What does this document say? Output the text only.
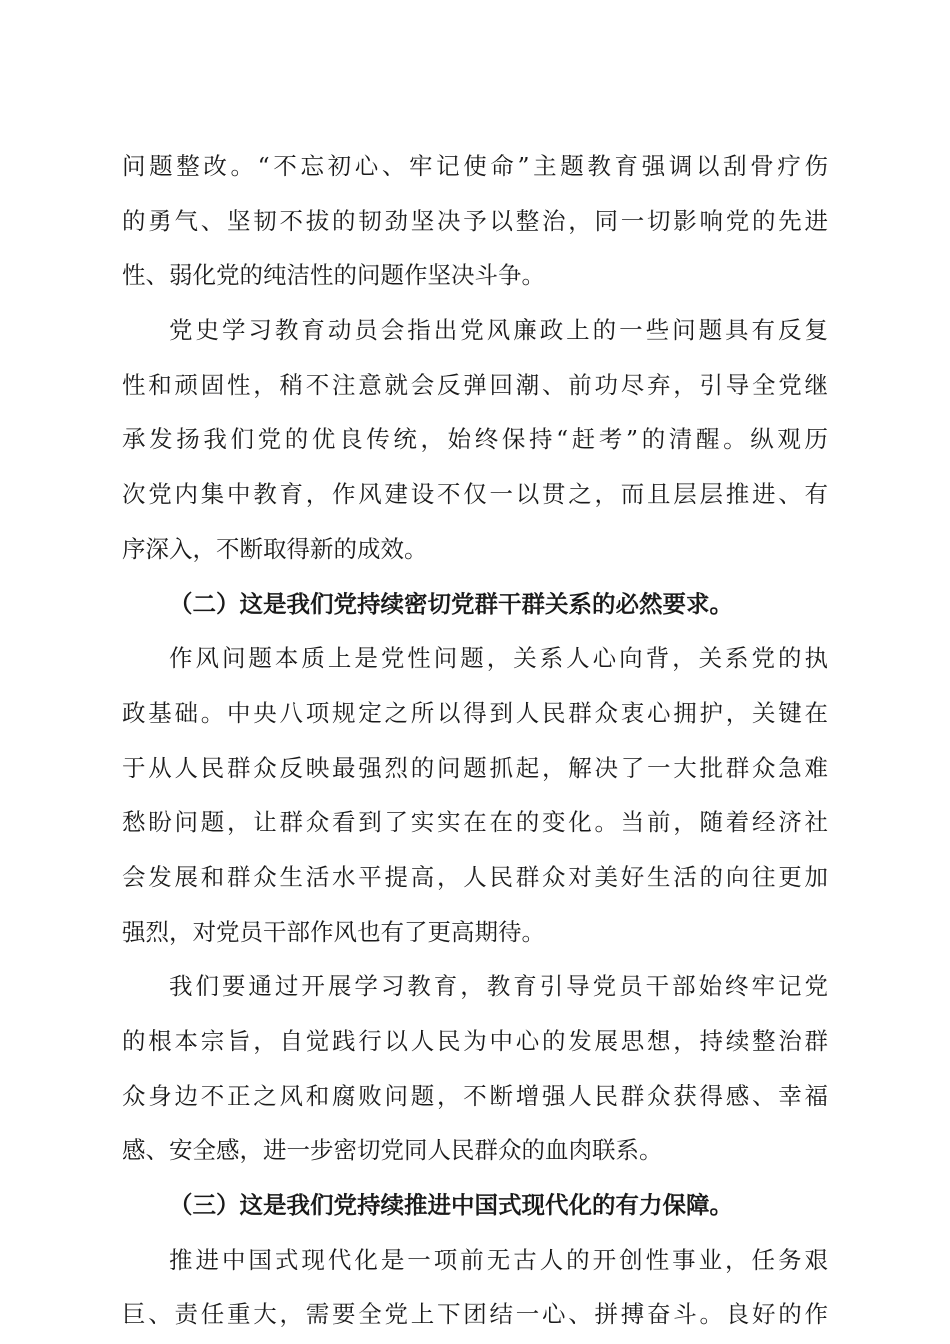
问题整改。“不忘初心、牢记使命”主题教育强调以刮骨疗伤
的勇气、坚韧不拔的韧劲坚决予以整治，同一切影响党的先进
性、弱化党的纯洁性的问题作坚决斗争。
党史学习教育动员会指出党风廉政上的一些问题具有反复
性和顽固性，稍不注意就会反弹回潮、前功尽弃，引导全党继
承发扬我们党的优良传统，始终保持“赶考”的清醒。纵观历
次党内集中教育，作风建设不仅一以贯之，而且层层推进、有
序深入，不断取得新的成效。
（二）这是我们党持续密切党群干群关系的必然要求。
作风问题本质上是党性问题，关系人心向背，关系党的执
政基础。中央八项规定之所以得到人民群众衷心拥护，关键在
于从人民群众反映最强烈的问题抓起，解决了一大批群众急难
愁盼问题，让群众看到了实实在在的变化。当前，随着经济社
会发展和群众生活水平提高，人民群众对美好生活的向往更加
强烈，对党员干部作风也有了更高期待。
我们要通过开展学习教育，教育引导党员干部始终牢记党
的根本宗旨，自觉践行以人民为中心的发展思想，持续整治群
众身边不正之风和腐败问题，不断增强人民群众获得感、幸福
感、安全感，进一步密切党同人民群众的血肉联系。
（三）这是我们党持续推进中国式现代化的有力保障。
推进中国式现代化是一项前无古人的开创性事业，任务艰
巨、责任重大，需要全党上下团结一心、拼搏奋斗。良好的作
